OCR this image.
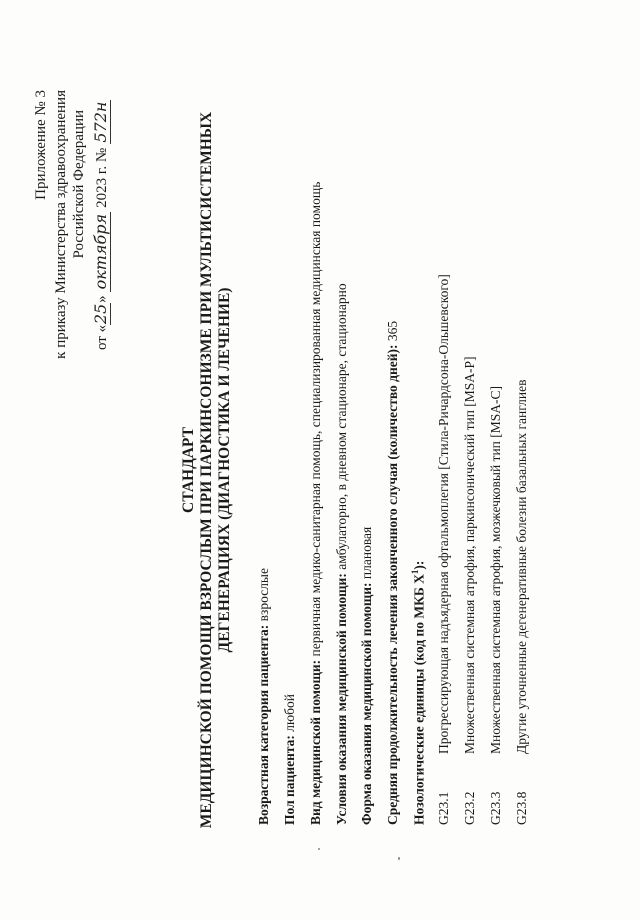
Приложение № 3 к приказу Министерства здравоохранения Российской Федерации
от «25» октября 2023 г. № 572н
СТАНДАРТ МЕДИЦИНСКОЙ ПОМОЩИ ВЗРОСЛЫМ ПРИ ПАРКИНСОНИЗМЕ ПРИ МУЛЬТИСИСТЕМНЫХ ДЕГЕНЕРАЦИЯХ (ДИАГНОСТИКА И ЛЕЧЕНИЕ)
Возрастная категория пациента: взрослые
Пол пациента: любой Вид медицинской помощи: первичная медико-санитарная помощь, специализированная медицинская помощь
Условия оказания медицинской помощи: амбулаторно, в дневном стационаре, стационарно
Форма оказания медицинской помощи: плановая Средняя продолжительность лечения законченного случая (количество дней): 365
Нозологические единицы (код по МКБ $X^1$):
G23.1
Прогрессирующая надъядерная офтальмоплегия [Стила-Ричардсона-Ольшевского]
G23.2
Множественная системная атрофия, паркинсонический тип [MSA-P]
G23.3
Множественная системная атрофия, мозжечковый тип [MSA-C]
G23.8
Другие уточненные дегенеративные болезни базальных ганглиев
